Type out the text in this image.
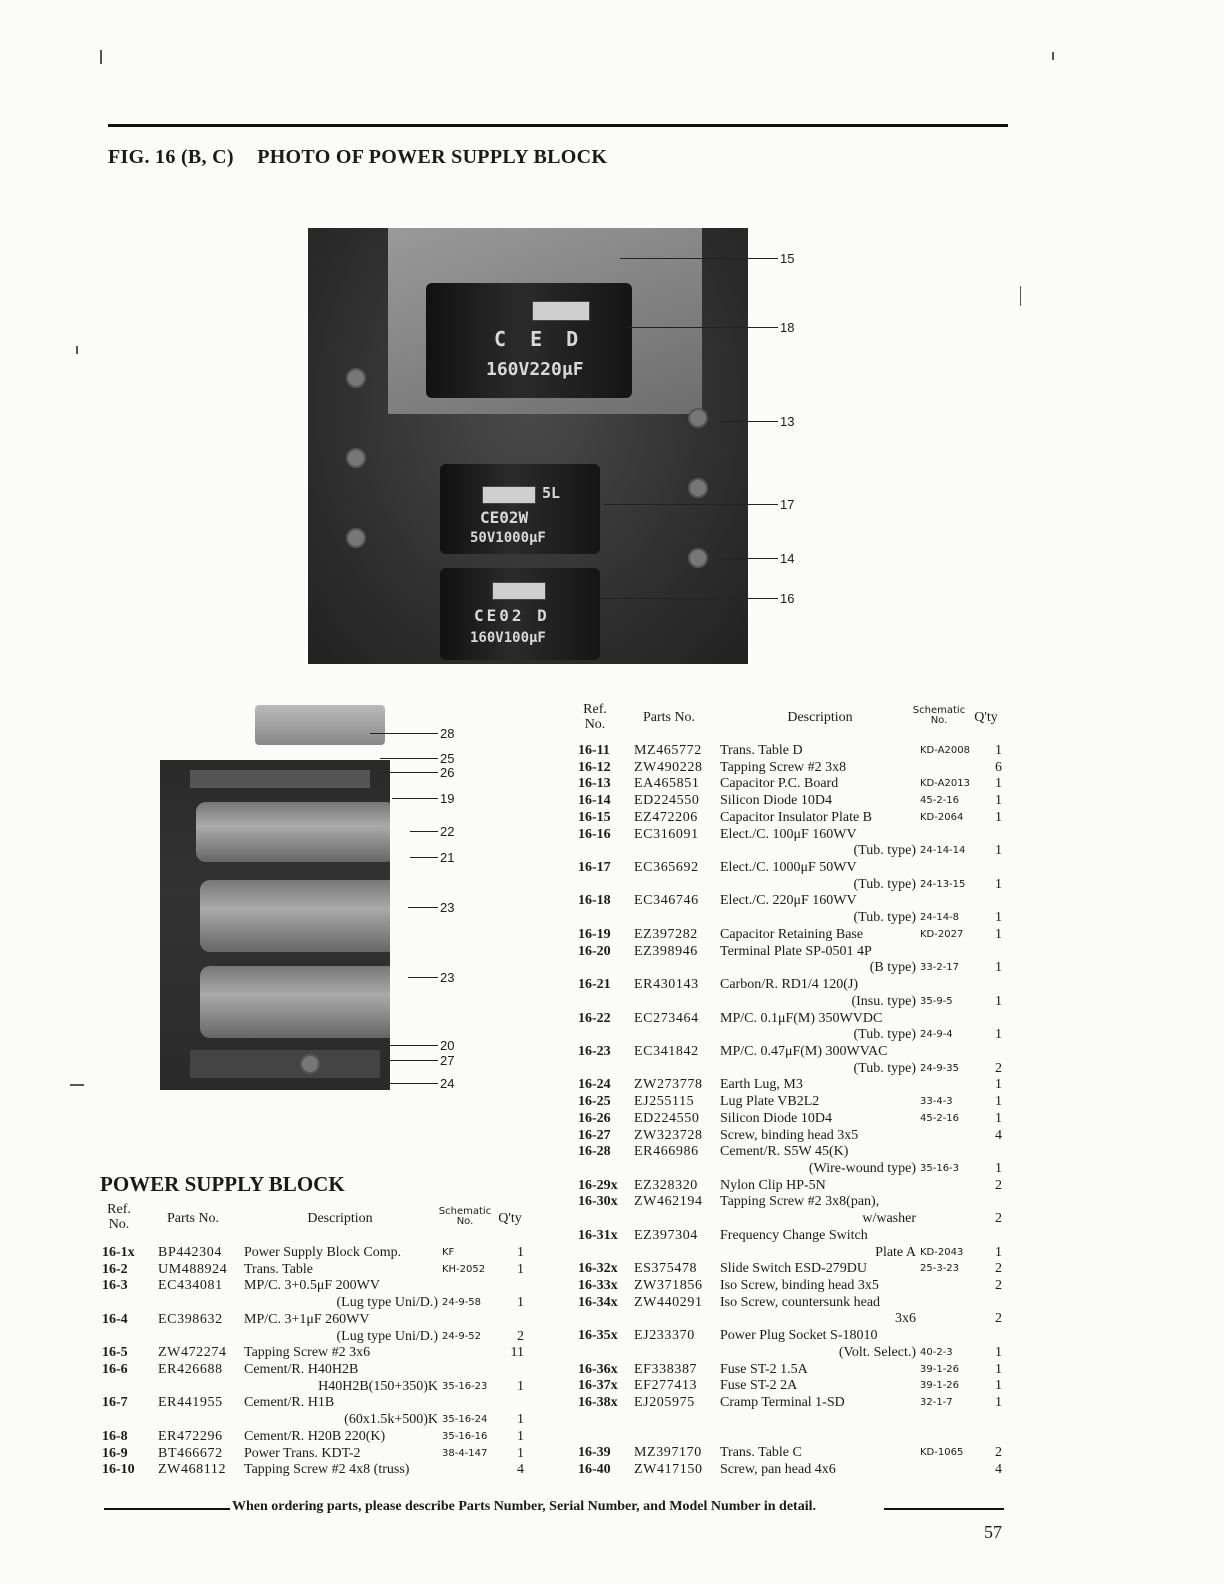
FIG. 16 (B, C) PHOTO OF POWER SUPPLY BLOCK
C E D
160V220μF
5L
CE02W
50V1000μF
CE02 D
160V100μF
15
18
13
17
14
16
28
25
26
19
22
21
23
23
20
27
24
Ref.
No.	Parts No.	Description	Schematic
No.	Q'ty
16-11 MZ465772 Trans. Table D	KD-A2008	1
16-12 ZW490228 Tapping Screw #2 3x8	6
16-13 EA465851 Capacitor P.C. Board	KD-A2013	1
16-14 ED224550 Silicon Diode 10D4	45-2-16	1
16-15 EZ472206 Capacitor Insulator Plate B	KD-2064	1
16-16 EC316091 Elect./C. 100μF 160WV
(Tub. type) 24-14-14	1
16-17 EC365692 Elect./C. 1000μF 50WV
(Tub. type) 24-13-15	1
16-18 EC346746 Elect./C. 220μF 160WV
(Tub. type) 24-14-8	1
16-19 EZ397282 Capacitor Retaining Base	KD-2027	1
16-20 EZ398946 Terminal Plate SP-0501 4P
(B type) 33-2-17	1
16-21 ER430143 Carbon/R. RD1/4 120(J)
(Insu. type) 35-9-5	1
16-22 EC273464 MP/C. 0.1μF(M) 350WVDC
(Tub. type) 24-9-4	1
16-23 EC341842 MP/C. 0.47μF(M) 300WVAC
(Tub. type) 24-9-35	2
16-24 ZW273778 Earth Lug, M3	1
16-25 EJ255115 Lug Plate VB2L2	33-4-3	1
16-26 ED224550 Silicon Diode 10D4	45-2-16	1
16-27 ZW323728 Screw, binding head 3x5	4
16-28 ER466986 Cement/R. S5W 45(K)
(Wire-wound type) 35-16-3	1
16-29x EZ328320 Nylon Clip HP-5N	2
16-30x ZW462194 Tapping Screw #2 3x8(pan),
w/washer	2
16-31x EZ397304 Frequency Change Switch
Plate A KD-2043	1
16-32x ES375478 Slide Switch ESD-279DU	25-3-23	2
16-33x ZW371856 Iso Screw, binding head 3x5	2
16-34x ZW440291 Iso Screw, countersunk head
3x6	2
16-35x EJ233370 Power Plug Socket S-18010
(Volt. Select.) 40-2-3	1
16-36x EF338387 Fuse ST-2 1.5A	39-1-26	1
16-37x EF277413 Fuse ST-2 2A	39-1-26	1
16-38x EJ205975 Cramp Terminal 1-SD	32-1-7	1
16-39 MZ397170 Trans. Table C	KD-1065	2
16-40 ZW417150 Screw, pan head 4x6	4
POWER SUPPLY BLOCK
Ref.
No.	Parts No.	Description	Schematic
No.	Q'ty
16-1x BP442304 Power Supply Block Comp.	KF	1
16-2 UM488924 Trans. Table	KH-2052	1
16-3 EC434081 MP/C. 3+0.5μF 200WV
(Lug type Uni/D.) 24-9-58	1
16-4 EC398632 MP/C. 3+1μF 260WV
(Lug type Uni/D.) 24-9-52	2
16-5 ZW472274 Tapping Screw #2 3x6	11
16-6 ER426688 Cement/R. H40H2B
H40H2B(150+350)K 35-16-23	1
16-7 ER441955 Cement/R. H1B
(60x1.5k+500)K 35-16-24	1
16-8 ER472296 Cement/R. H20B 220(K)	35-16-16	1
16-9 BT466672 Power Trans. KDT-2	38-4-147	1
16-10 ZW468112 Tapping Screw #2 4x8 (truss)	4
When ordering parts, please describe Parts Number, Serial Number, and Model Number in detail.
57
